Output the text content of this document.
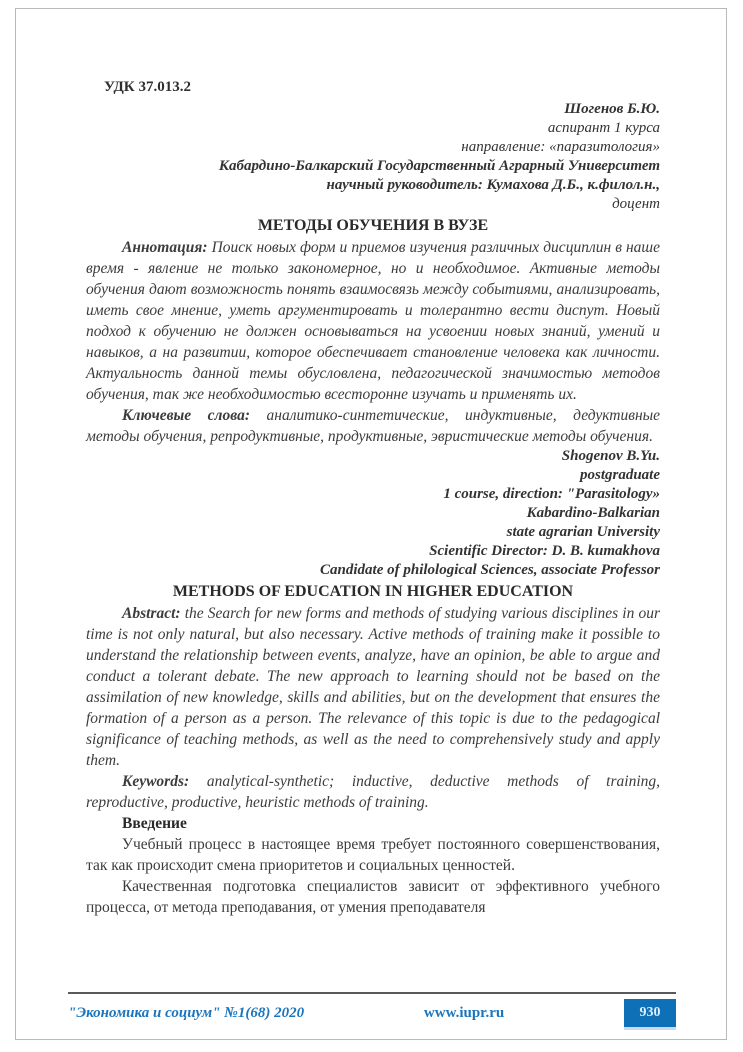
УДК 37.013.2
Шогенов Б.Ю.
аспирант 1 курса
направление: «паразитология»
Кабардино-Балкарский Государственный Аграрный Университет
научный руководитель: Кумахова Д.Б., к.филол.н.,
доцент
МЕТОДЫ ОБУЧЕНИЯ В ВУЗЕ

Аннотация: Поиск новых форм и приемов изучения различных дисциплин в наше время - явление не только закономерное, но и необходимое. Активные методы обучения дают возможность понять взаимосвязь между событиями, анализировать, иметь свое мнение, уметь аргументировать и толерантно вести диспут. Новый подход к обучению не должен основываться на усвоении новых знаний, умений и навыков, а на развитии, которое обеспечивает становление человека как личности. Актуальность данной темы обусловлена, педагогической значимостью методов обучения, так же необходимостью всесторонне изучать и применять их.

Ключевые слова: аналитико-синтетические, индуктивные, дедуктивные методы обучения, репродуктивные, продуктивные, эвристические методы обучения.

Shogenov B.Yu.
postgraduate
1 course, direction: "Parasitology»
Kabardino-Balkarian
state agrarian University
Scientific Director: D. B. kumakhova
Candidate of philological Sciences, associate Professor
METHODS OF EDUCATION IN HIGHER EDUCATION

Abstract: the Search for new forms and methods of studying various disciplines in our time is not only natural, but also necessary. Active methods of training make it possible to understand the relationship between events, analyze, have an opinion, be able to argue and conduct a tolerant debate. The new approach to learning should not be based on the assimilation of new knowledge, skills and abilities, but on the development that ensures the formation of a person as a person. The relevance of this topic is due to the pedagogical significance of teaching methods, as well as the need to comprehensively study and apply them.

Keywords: analytical-synthetic; inductive, deductive methods of training, reproductive, productive, heuristic methods of training.

Введение

Учебный процесс в настоящее время требует постоянного совершенствования, так как происходит смена приоритетов и социальных ценностей.

Качественная подготовка специалистов зависит от эффективного учебного процесса, от метода преподавания, от умения преподавателя

"Экономика и социум" №1(68) 2020	www.iupr.ru	930
